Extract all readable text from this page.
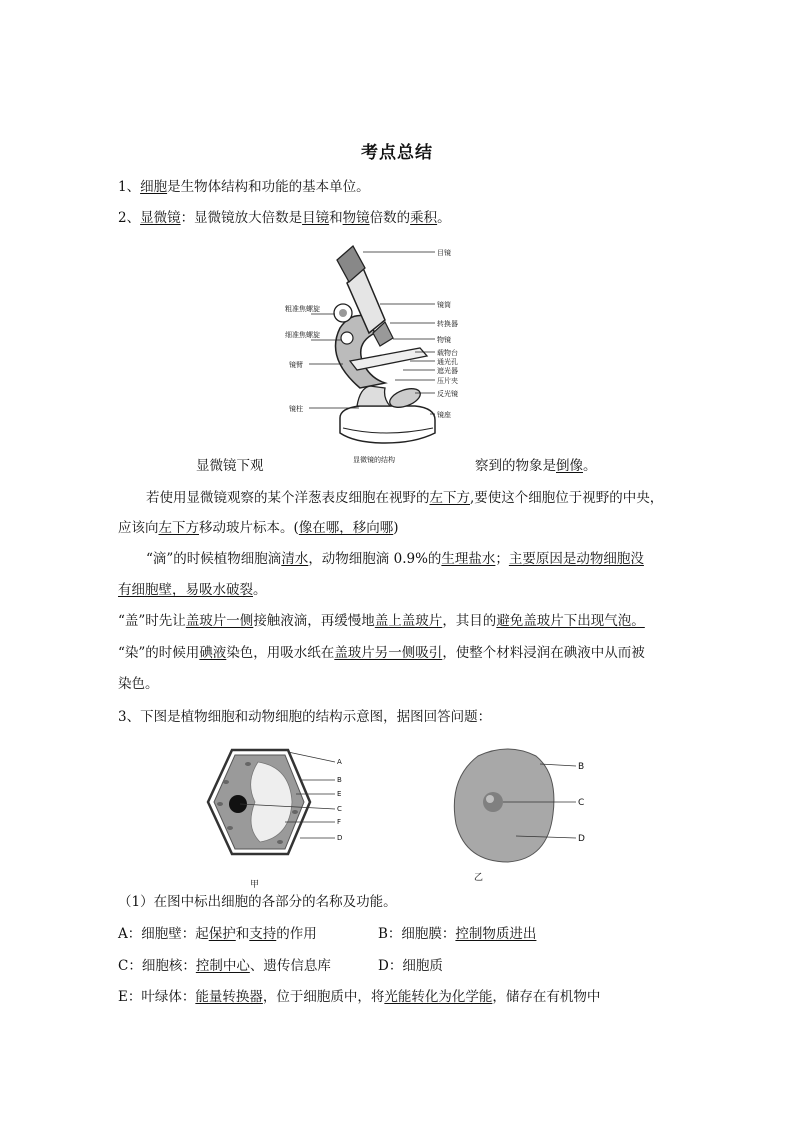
考点总结
1、细胞是生物体结构和功能的基本单位。
2、显微镜：显微镜放大倍数是目镜和物镜倍数的乘积。
目镜
镜筒
转换器
物镜
载物台
通光孔
遮光器
压片夹
反光镜
镜座
粗准焦螺旋
细准焦螺旋
镜臂
镜柱
显微镜的结构
显微镜下观	察到的物象是倒像。
若使用显微镜观察的某个洋葱表皮细胞在视野的左下方,要使这个细胞位于视野的中央，
应该向左下方移动玻片标本。(像在哪，移向哪)
“滴”的时候植物细胞滴清水，动物细胞滴 0.9%的生理盐水；主要原因是动物细胞没
有细胞壁，易吸水破裂。
“盖”时先让盖玻片一侧接触液滴，再缓慢地盖上盖玻片，其目的避免盖玻片下出现气泡。
“染”的时候用碘液染色，用吸水纸在盖玻片另一侧吸引，使整个材料浸润在碘液中从而被
染色。
3、下图是植物细胞和动物细胞的结构示意图，据图回答问题：
A
B
E
C
F
D
甲
B
C
D
乙
（1）在图中标出细胞的各部分的名称及功能。
A：细胞壁：起保护和支持的作用	B：细胞膜：控制物质进出
C：细胞核：控制中心、遗传信息库	D：细胞质
E：叶绿体：能量转换器，位于细胞质中，将光能转化为化学能，储存在有机物中
